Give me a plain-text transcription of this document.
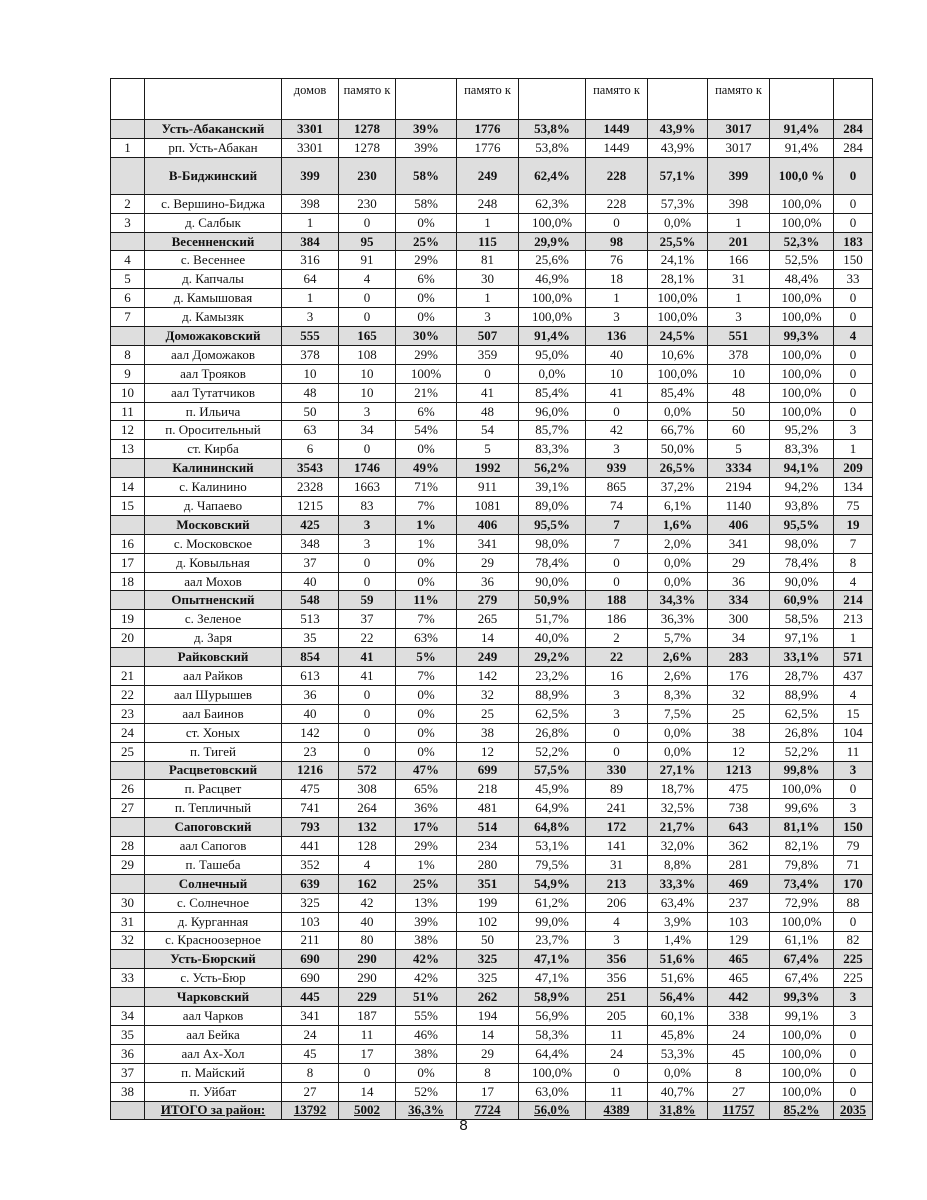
		домов	памятo к		памятo к		памятo к		памятo к		
	Усть-Абаканский	3301	1278	39%	1776	53,8%	1449	43,9%	3017	91,4%	284
1	рп. Усть-Абакан	3301	1278	39%	1776	53,8%	1449	43,9%	3017	91,4%	284
	В-Биджинский	399	230	58%	249	62,4%	228	57,1%	399	100,0 %	0
2	с. Вершино-Биджа	398	230	58%	248	62,3%	228	57,3%	398	100,0%	0
3	д. Салбык	1	0	0%	1	100,0%	0	0,0%	1	100,0%	0
	Весенненский	384	95	25%	115	29,9%	98	25,5%	201	52,3%	183
4	с. Весеннее	316	91	29%	81	25,6%	76	24,1%	166	52,5%	150
5	д. Капчалы	64	4	6%	30	46,9%	18	28,1%	31	48,4%	33
6	д. Камышовая	1	0	0%	1	100,0%	1	100,0%	1	100,0%	0
7	д. Камызяк	3	0	0%	3	100,0%	3	100,0%	3	100,0%	0
	Доможаковский	555	165	30%	507	91,4%	136	24,5%	551	99,3%	4
8	аал Доможаков	378	108	29%	359	95,0%	40	10,6%	378	100,0%	0
9	аал Трояков	10	10	100%	0	0,0%	10	100,0%	10	100,0%	0
10	аал Тутатчиков	48	10	21%	41	85,4%	41	85,4%	48	100,0%	0
11	п. Ильича	50	3	6%	48	96,0%	0	0,0%	50	100,0%	0
12	п. Оросительный	63	34	54%	54	85,7%	42	66,7%	60	95,2%	3
13	ст. Кирба	6	0	0%	5	83,3%	3	50,0%	5	83,3%	1
	Калининский	3543	1746	49%	1992	56,2%	939	26,5%	3334	94,1%	209
14	с. Калинино	2328	1663	71%	911	39,1%	865	37,2%	2194	94,2%	134
15	д. Чапаево	1215	83	7%	1081	89,0%	74	6,1%	1140	93,8%	75
	Московский	425	3	1%	406	95,5%	7	1,6%	406	95,5%	19
16	с. Московское	348	3	1%	341	98,0%	7	2,0%	341	98,0%	7
17	д. Ковыльная	37	0	0%	29	78,4%	0	0,0%	29	78,4%	8
18	аал Мохов	40	0	0%	36	90,0%	0	0,0%	36	90,0%	4
	Опытненский	548	59	11%	279	50,9%	188	34,3%	334	60,9%	214
19	с. Зеленое	513	37	7%	265	51,7%	186	36,3%	300	58,5%	213
20	д. Заря	35	22	63%	14	40,0%	2	5,7%	34	97,1%	1
	Райковский	854	41	5%	249	29,2%	22	2,6%	283	33,1%	571
21	аал Райков	613	41	7%	142	23,2%	16	2,6%	176	28,7%	437
22	аал Шурышев	36	0	0%	32	88,9%	3	8,3%	32	88,9%	4
23	аал Баинов	40	0	0%	25	62,5%	3	7,5%	25	62,5%	15
24	ст. Хоных	142	0	0%	38	26,8%	0	0,0%	38	26,8%	104
25	п. Тигей	23	0	0%	12	52,2%	0	0,0%	12	52,2%	11
	Расцветовский	1216	572	47%	699	57,5%	330	27,1%	1213	99,8%	3
26	п. Расцвет	475	308	65%	218	45,9%	89	18,7%	475	100,0%	0
27	п. Тепличный	741	264	36%	481	64,9%	241	32,5%	738	99,6%	3
	Сапоговский	793	132	17%	514	64,8%	172	21,7%	643	81,1%	150
28	аал Сапогов	441	128	29%	234	53,1%	141	32,0%	362	82,1%	79
29	п. Ташеба	352	4	1%	280	79,5%	31	8,8%	281	79,8%	71
	Солнечный	639	162	25%	351	54,9%	213	33,3%	469	73,4%	170
30	с. Солнечное	325	42	13%	199	61,2%	206	63,4%	237	72,9%	88
31	д. Курганная	103	40	39%	102	99,0%	4	3,9%	103	100,0%	0
32	с. Красноозерное	211	80	38%	50	23,7%	3	1,4%	129	61,1%	82
	Усть-Бюрский	690	290	42%	325	47,1%	356	51,6%	465	67,4%	225
33	с. Усть-Бюр	690	290	42%	325	47,1%	356	51,6%	465	67,4%	225
	Чарковский	445	229	51%	262	58,9%	251	56,4%	442	99,3%	3
34	аал Чарков	341	187	55%	194	56,9%	205	60,1%	338	99,1%	3
35	аал Бейка	24	11	46%	14	58,3%	11	45,8%	24	100,0%	0
36	аал Ах-Хол	45	17	38%	29	64,4%	24	53,3%	45	100,0%	0
37	п. Майский	8	0	0%	8	100,0%	0	0,0%	8	100,0%	0
38	п. Уйбат	27	14	52%	17	63,0%	11	40,7%	27	100,0%	0
	ИТОГО за район:	13792	5002	36,3%	7724	56,0%	4389	31,8%	11757	85,2%	2035
8
